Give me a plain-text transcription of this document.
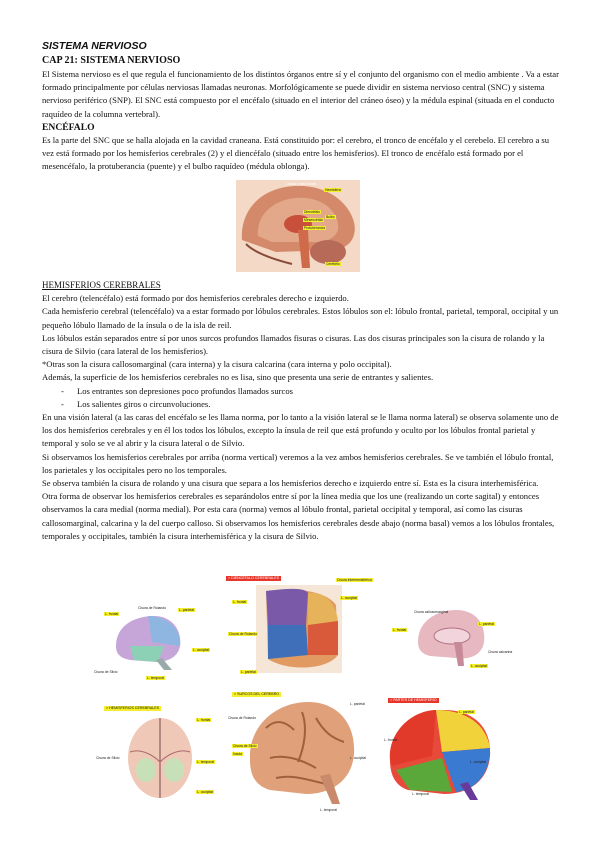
SISTEMA NERVIOSO
CAP 21: SISTEMA NERVIOSO

El Sistema nervioso es el que regula el funcionamiento de los distintos órganos entre sí y el conjunto del organismo con el medio ambiente . Va a estar formado principalmente por células nerviosas llamadas neuronas. Morfológicamente se puede dividir en sistema nervioso central (SNC) y sistema nervioso periférico (SNP). El SNC está compuesto por el encéfalo (situado en el interior del cráneo óseo) y la médula espinal (situada en el conducto raquídeo de la columna vertebral).

ENCÉFALO

Es la parte del SNC que se halla alojada en la cavidad craneana. Está constituido por: el cerebro, el tronco de encéfalo y el cerebelo. El cerebro a su vez está formado por los hemisferios cerebrales (2) y el diencéfalo (situado entre los hemisferios). El tronco de encéfalo está formado por el mesencéfalo, la protuberancia (puente) y el bulbo raquídeo (médula oblonga).

Lóbulo (más) frontal
Diencéfalo
Mesencéfalo
Protuberancia
Hemisferio
Bulbo
Cerebelo

HEMISFERIOS CEREBRALES

El cerebro (telencéfalo) está formado por dos hemisferios cerebrales derecho e izquierdo.

Cada hemisferio cerebral (telencéfalo) va a estar formado por lóbulos cerebrales. Estos lóbulos son el: lóbulo frontal, parietal, temporal, occipital y un pequeño lóbulo llamado de la ínsula o de la isla de reil.

Los lóbulos están separados entre sí por unos surcos profundos llamados fisuras o cisuras. Las dos cisuras principales son la cisura de rolando y la cisura de Silvio (cara lateral de los hemisferios).

*Otras son la cisura callosomarginal (cara interna) y la cisura calcarina (cara interna y polo occipital).

Además, la superficie de los hemisferios cerebrales no es lisa, sino que presenta una serie de entrantes y salientes.

- Los entrantes son depresiones poco profundos llamados surcos
- Los salientes giros o circunvoluciones.

En una visión lateral (a las caras del encéfalo se les llama norma, por lo tanto a la visión lateral se le llama norma lateral) se observa solamente uno de los dos hemisferios cerebrales y en él los todos los lóbulos, excepto la ínsula de reil que está profundo y oculto por los lóbulos frontal parietal y temporal y solo se ve al abrir y la cisura lateral o de Silvio.

Si observamos los hemisferios cerebrales por arriba (norma vertical) veremos a la vez ambos hemisferios cerebrales. Se ve también el lóbulo frontal, los parietales y los occipitales pero no los temporales.

Se observa también la cisura de rolando y una cisura que separa a los hemisferios derecho e izquierdo entre sí. Esta es la cisura interhemisférica.

Otra forma de observar los hemisferios cerebrales es separándolos entre sí por la línea media que los une (realizando un corte sagital) y entonces observamos la cara medial (norma medial). Por esta cara (norma) vemos al lóbulo frontal, parietal occipital y temporal, así como las cisuras callosomarginal, calcarina y la del cuerpo calloso. Si observamos los hemisferios cerebrales desde abajo (norma basal) vemos a los lóbulos frontales, temporales y occipitales, también la cisura interhemisférica y la cisura de Silvio.

> DIENCÉFALO CEREBRALES
L. frontal
Cisura de Rolando
L. parietal
Cisura interhemisférica
L. occipital
L. frontal
Cisura de Rolando	L. parietal
L. occipital
Cisura de Silvio
L. temporal
Cisura callosomarginal
L. parietal
L. frontal
Cisura calcarina
L. occipital
> HEMISFERIOS CEREBRALES
L. frontal
L. temporal
Cisura de Silvio
L. occipital
> SURCOS DEL CEREBRO
Cisura de Rolando
L. parietal
Cisura de Silvio
Ínsula
L. occipital
L. temporal
> PARTES DE HEMISFERIO
L. parietal
L. frontal
L. occipital
L. temporal
